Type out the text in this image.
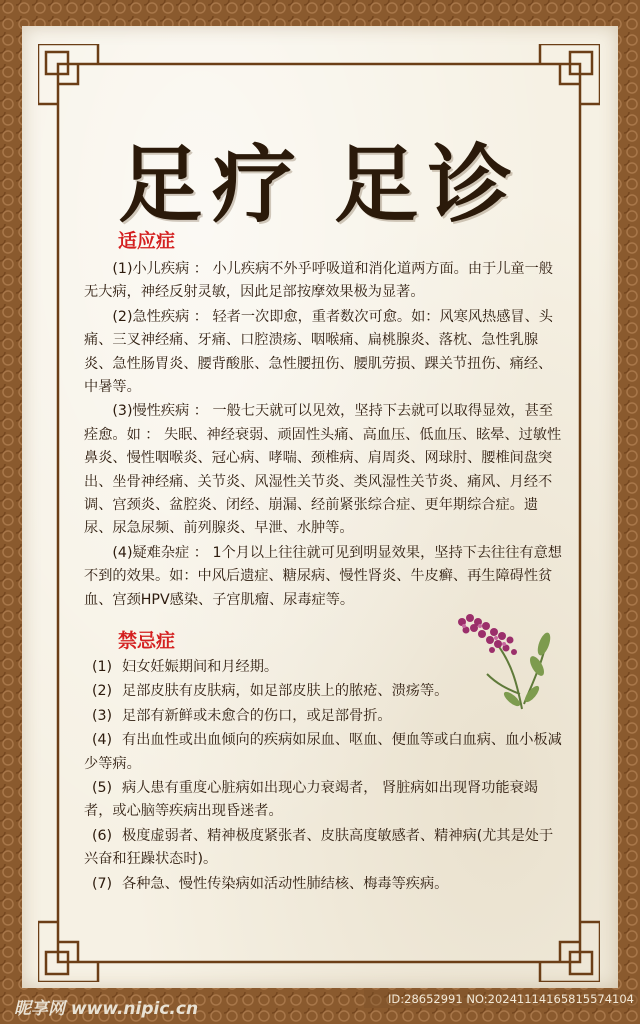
足疗 足诊
适应症

(1)小儿疾病 ： 小儿疾病不外乎呼吸道和消化道两方面。由于儿童一般无大病，神经反射灵敏，因此足部按摩效果极为显著。

(2)急性疾病 ： 轻者一次即愈，重者数次可愈。如：风寒风热感冒、头痛、三叉神经痛、牙痛、口腔溃疡、咽喉痛、扁桃腺炎、落枕、急性乳腺炎、急性肠胃炎、腰背酸胀、急性腰扭伤、腰肌劳损、踝关节扭伤、痛经、中暑等。

(3)慢性疾病 ： 一般七天就可以见效，坚持下去就可以取得显效，甚至痊愈。如 ： 失眠、神经衰弱、顽固性头痛、高血压、低血压、眩晕、过敏性鼻炎、慢性咽喉炎、冠心病、哮喘、颈椎病、肩周炎、网球肘、腰椎间盘突出、坐骨神经痛、关节炎、风湿性关节炎、类风湿性关节炎、痛风、月经不调、宫颈炎、盆腔炎、闭经、崩漏、经前紧张综合症、更年期综合症。遗尿、尿急尿频、前列腺炎、早泄、水肿等。

(4)疑难杂症 ： 1个月以上往往就可见到明显效果，坚持下去往往有意想不到的效果。如：中风后遗症、糖尿病、慢性肾炎、牛皮癣、再生障碍性贫血、宫颈HPV感染、子宫肌瘤、尿毒症等。

禁忌症

(1) 妇女妊娠期间和月经期。

(2) 足部皮肤有皮肤病，如足部皮肤上的脓疮、溃疡等。

(3) 足部有新鲜或未愈合的伤口，或足部骨折。

(4) 有出血性或出血倾向的疾病如尿血、呕血、便血等或白血病、血小板减少等病。

(5) 病人患有重度心脏病如出现心力衰竭者， 肾脏病如出现肾功能衰竭者，或心脑等疾病出现昏迷者。

(6) 极度虚弱者、精神极度紧张者、皮肤高度敏感者、精神病(尤其是处于兴奋和狂躁状态时)。

(7) 各种急、慢性传染病如活动性肺结核、梅毒等疾病。

昵享网 www.nipic.cn	ID:28652991 NO:20241114165815574104
